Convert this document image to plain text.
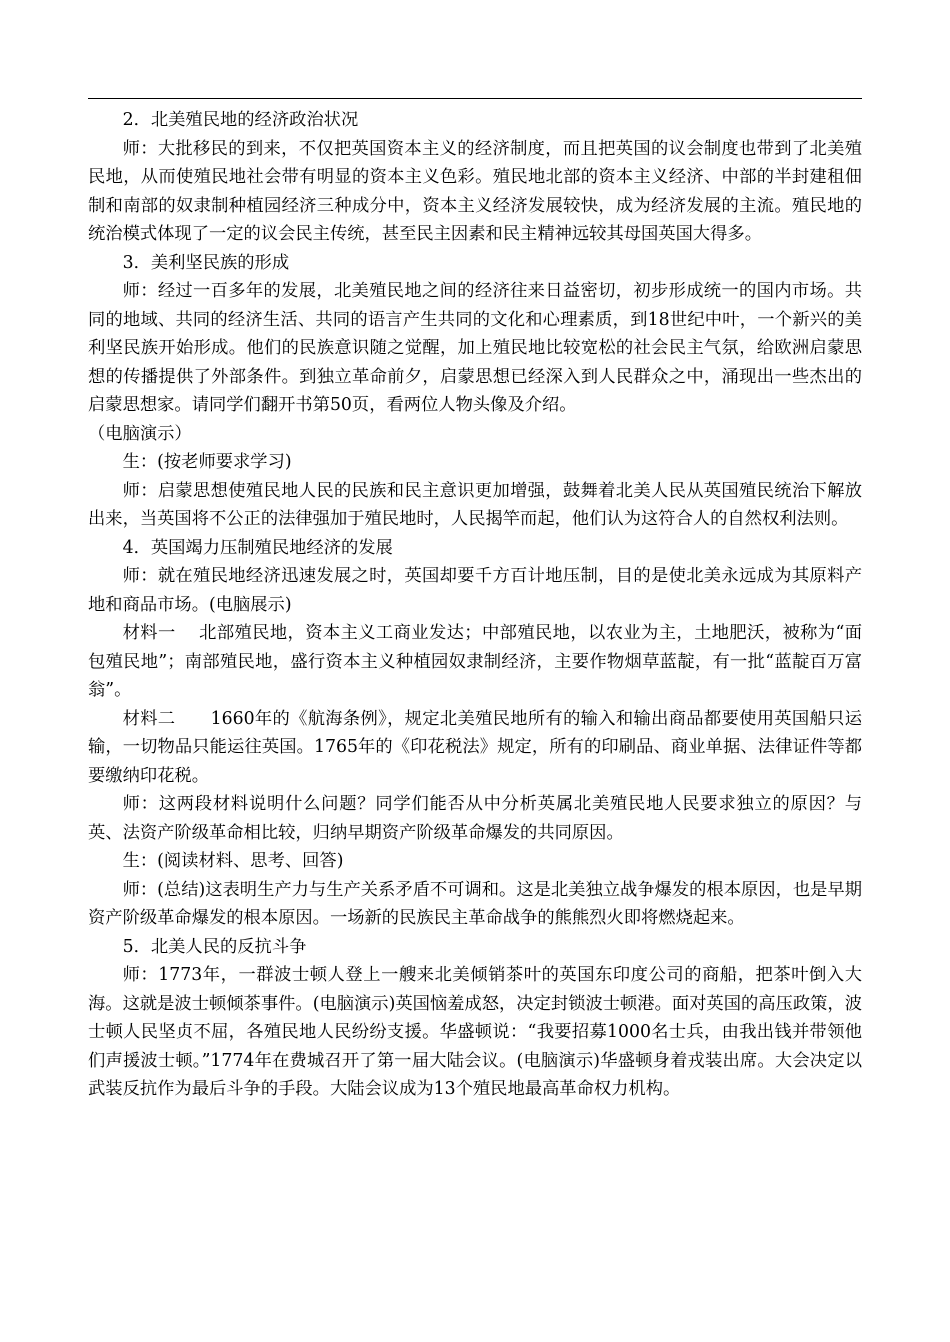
2．北美殖民地的经济政治状况

师：大批移民的到来，不仅把英国资本主义的经济制度，而且把英国的议会制度也带到了北美殖民地，从而使殖民地社会带有明显的资本主义色彩。殖民地北部的资本主义经济、中部的半封建租佃制和南部的奴隶制种植园经济三种成分中，资本主义经济发展较快，成为经济发展的主流。殖民地的统治模式体现了一定的议会民主传统，甚至民主因素和民主精神远较其母国英国大得多。

3．美利坚民族的形成

师：经过一百多年的发展，北美殖民地之间的经济往来日益密切，初步形成统一的国内市场。共同的地域、共同的经济生活、共同的语言产生共同的文化和心理素质，到18世纪中叶，一个新兴的美利坚民族开始形成。他们的民族意识随之觉醒，加上殖民地比较宽松的社会民主气氛，给欧洲启蒙思想的传播提供了外部条件。到独立革命前夕，启蒙思想已经深入到人民群众之中，涌现出一些杰出的启蒙思想家。请同学们翻开书第50页，看两位人物头像及介绍。

（电脑演示）

生：(按老师要求学习)

师：启蒙思想使殖民地人民的民族和民主意识更加增强，鼓舞着北美人民从英国殖民统治下解放出来，当英国将不公正的法律强加于殖民地时，人民揭竿而起，他们认为这符合人的自然权利法则。

4．英国竭力压制殖民地经济的发展

师：就在殖民地经济迅速发展之时，英国却要千方百计地压制，目的是使北美永远成为其原料产地和商品市场。(电脑展示)

材料一　 北部殖民地，资本主义工商业发达；中部殖民地，以农业为主，土地肥沃，被称为“面包殖民地”；南部殖民地，盛行资本主义种植园奴隶制经济，主要作物烟草蓝靛，有一批“蓝靛百万富翁”。

材料二　　1660年的《航海条例》，规定北美殖民地所有的输入和输出商品都要使用英国船只运输，一切物品只能运往英国。1765年的《印花税法》规定，所有的印刷品、商业单据、法律证件等都要缴纳印花税。

师：这两段材料说明什么问题？同学们能否从中分析英属北美殖民地人民要求独立的原因？与英、法资产阶级革命相比较，归纳早期资产阶级革命爆发的共同原因。

生：(阅读材料、思考、回答)

师：(总结)这表明生产力与生产关系矛盾不可调和。这是北美独立战争爆发的根本原因，也是早期资产阶级革命爆发的根本原因。一场新的民族民主革命战争的熊熊烈火即将燃烧起来。

5．北美人民的反抗斗争

师：1773年，一群波士顿人登上一艘来北美倾销茶叶的英国东印度公司的商船，把茶叶倒入大海。这就是波士顿倾茶事件。(电脑演示)英国恼羞成怒，决定封锁波士顿港。面对英国的高压政策，波士顿人民坚贞不屈，各殖民地人民纷纷支援。华盛顿说：“我要招募1000名士兵，由我出钱并带领他们声援波士顿。”1774年在费城召开了第一届大陆会议。(电脑演示)华盛顿身着戎装出席。大会决定以武装反抗作为最后斗争的手段。大陆会议成为13个殖民地最高革命权力机构。
